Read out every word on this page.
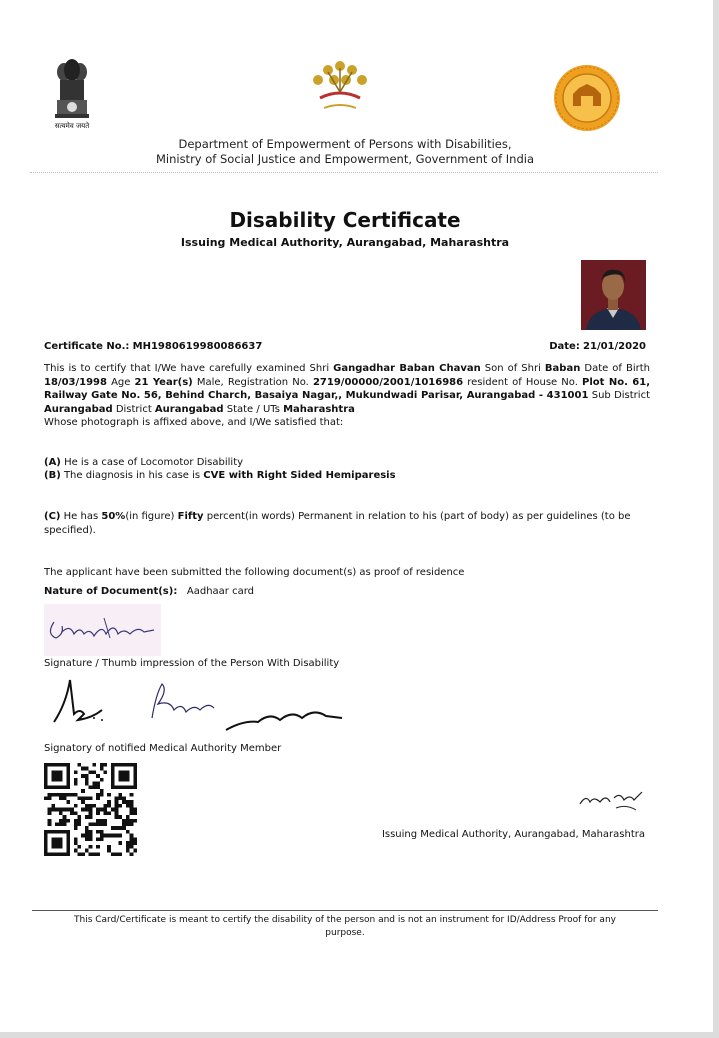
सत्यमेव जयते
Department of Empowerment of Persons with Disabilities,
Ministry of Social Justice and Empowerment, Government of India
Disability Certificate
Issuing Medical Authority, Aurangabad, Maharashtra
Certificate No.: MH1980619980086637	Date: 21/01/2020
This is to certify that I/We have carefully examined Shri Gangadhar Baban Chavan Son of Shri Baban Date of Birth 18/03/1998 Age 21 Year(s) Male, Registration No. 2719/00000/2001/1016986 resident of House No. Plot No. 61, Railway Gate No. 56, Behind Charch, Basaiya Nagar,, Mukundwadi Parisar, Aurangabad - 431001 Sub District Aurangabad District Aurangabad State / UTs Maharashtra
Whose photograph is affixed above, and I/We satisfied that:
(A) He is a case of Locomotor Disability
(B) The diagnosis in his case is CVE with Right Sided Hemiparesis
(C) He has 50%(in figure) Fifty percent(in words) Permanent in relation to his (part of body) as per guidelines (to be specified).
The applicant have been submitted the following document(s) as proof of residence
Nature of Document(s): Aadhaar card
Signature / Thumb impression of the Person With Disability
Signatory of notified Medical Authority Member
Issuing Medical Authority, Aurangabad, Maharashtra
This Card/Certificate is meant to certify the disability of the person and is not an instrument for ID/Address Proof for any purpose.
